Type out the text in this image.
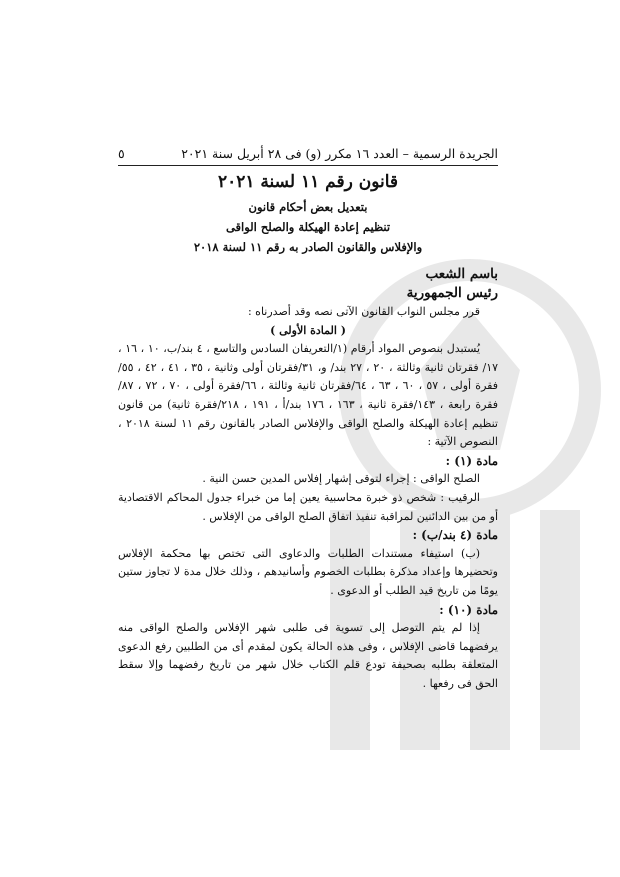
الجريدة الرسمية – العدد ١٦ مكرر (و) فى ٢٨ أبريل سنة ٢٠٢١
٥
قانون رقم ١١ لسنة ٢٠٢١
بتعديل بعض أحكام قانون
تنظيم إعادة الهيكلة والصلح الواقى
والإفلاس والقانون الصادر به رقم ١١ لسنة ٢٠١٨

باسم الشعب

رئيس الجمهورية

قرر مجلس النواب القانون الآتى نصه وقد أصدرناه :

( المادة الأولى )

يُستبدل بنصوص المواد أرقام (١/التعريفان السادس والتاسع ، ٤ بند/ب، ١٠ ، ١٦ ، ١٧/ فقرتان ثانية وثالثة ، ٢٠ ، ٢٧ بند/ و، ٣١/فقرتان أولى وثانية ، ٣٥ ، ٤١ ، ٤٢ ، ٥٥/فقرة أولى ، ٥٧ ، ٦٠ ، ٦٣ ، ٦٤/فقرتان ثانية وثالثة ، ٦٦/فقرة أولى ، ٧٠ ، ٧٢ ، ٨٧/فقرة رابعة ، ١٤٣/فقرة ثانية ، ١٦٣ ، ١٧٦ بند/أ ، ١٩١ ، ٢١٨/فقرة ثانية) من قانون تنظيم إعادة الهيكلة والصلح الواقى والإفلاس الصادر بالقانون رقم ١١ لسنة ٢٠١٨ ، النصوص الآتية :

مادة (١) :

الصلح الواقى : إجراء لتوقى إشهار إفلاس المدين حسن النية .

الرقيب : شخص ذو خبرة محاسبية يعين إما من خبراء جدول المحاكم الاقتصادية أو من بين الدائنين لمراقبة تنفيذ اتفاق الصلح الواقى من الإفلاس .

مادة (٤ بند/ب) :

(ب) استيفاء مستندات الطلبات والدعاوى التى تختص بها محكمة الإفلاس وتحضيرها وإعداد مذكرة بطلبات الخصوم وأسانيدهم ، وذلك خلال مدة لا تجاوز ستين يومًا من تاريخ قيد الطلب أو الدعوى .

مادة (١٠) :

إذا لم يتم التوصل إلى تسوية فى طلبى شهر الإفلاس والصلح الواقى منه يرفضهما قاضى الإفلاس ، وفى هذه الحالة يكون لمقدم أى من الطلبين رفع الدعوى المتعلقة بطلبه بصحيفة تودع قلم الكتاب خلال شهر من تاريخ رفضهما وإلا سقط الحق فى رفعها .
